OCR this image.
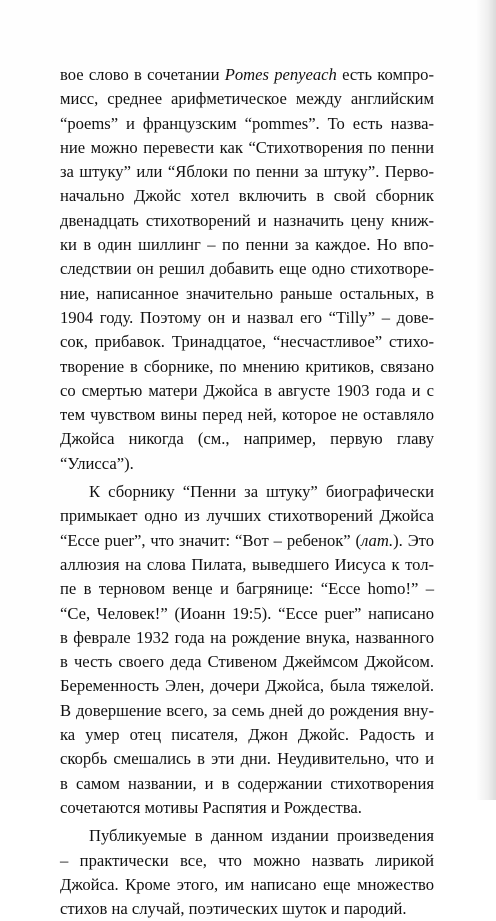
вое слово в сочетании Pomes penyeach есть компро-
мисс, среднее арифметическое между английским
“poems” и французским “pommes”. То есть назва-
ние можно перевести как “Стихотворения по пенни
за штуку” или “Яблоки по пенни за штуку”. Перво-
начально Джойс хотел включить в свой сборник
двенадцать стихотворений и назначить цену книж-
ки в один шиллинг – по пенни за каждое. Но впо-
следствии он решил добавить еще одно стихотворе-
ние, написанное значительно раньше остальных, в
1904 году. Поэтому он и назвал его “Tilly” – дове-
сок, прибавок. Тринадцатое, “несчастливое” стихо-
творение в сборнике, по мнению критиков, связано
со смертью матери Джойса в августе 1903 года и с
тем чувством вины перед ней, которое не оставляло
Джойса никогда (см., например, первую главу
“Улисса”).
К сборнику “Пенни за штуку” биографически
примыкает одно из лучших стихотворений Джойса
“Ecce puer”, что значит: “Вот – ребенок” (лат.). Это
аллюзия на слова Пилата, выведшего Иисуса к тол-
пе в терновом венце и багрянице: “Ecce homo!” –
“Се, Человек!” (Иоанн 19:5). “Ecce puer” написано
в феврале 1932 года на рождение внука, названного
в честь своего деда Стивеном Джеймсом Джойсом.
Беременность Элен, дочери Джойса, была тяжелой.
В довершение всего, за семь дней до рождения вну-
ка умер отец писателя, Джон Джойс. Радость и
скорбь смешались в эти дни. Неудивительно, что и
в самом названии, и в содержании стихотворения
сочетаются мотивы Распятия и Рождества.
Публикуемые в данном издании произведения
– практически все, что можно назвать лирикой
Джойса. Кроме этого, им написано еще множество
стихов на случай, поэтических шуток и пародий.
